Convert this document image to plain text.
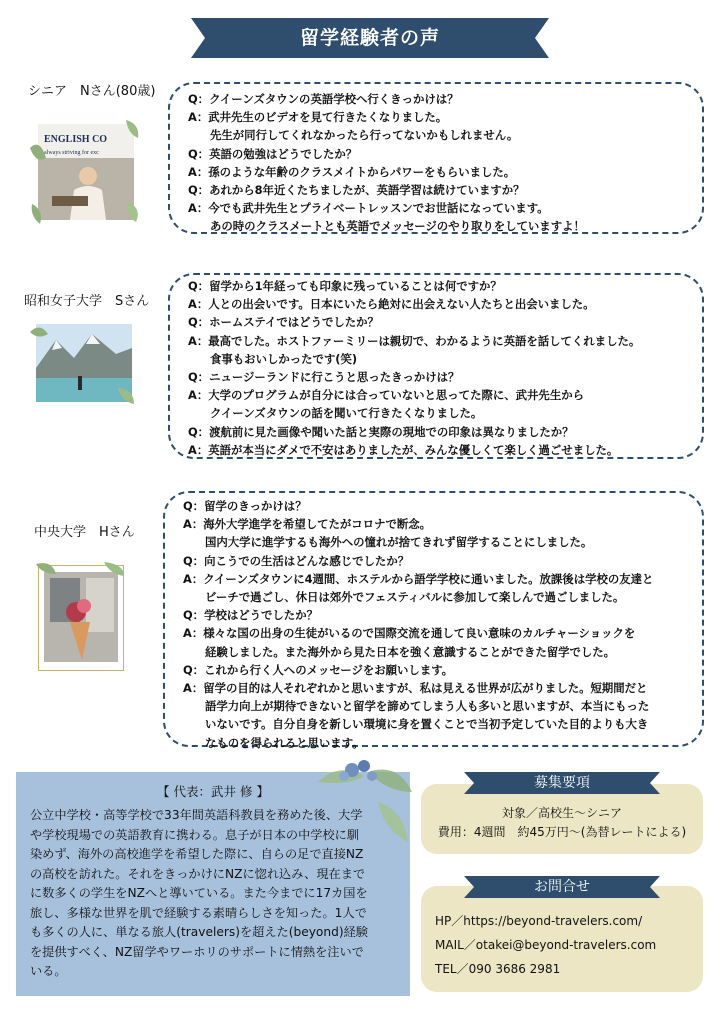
留学経験者の声
シニア　Nさん(80歳)
ENGLISH CO
always striving for exc
Q：クイーンズタウンの英語学校へ行くきっかけは？
A：武井先生のビデオを見て行きたくなりました。
先生が同行してくれなかったら行ってないかもしれません。
Q：英語の勉強はどうでしたか？
A：孫のような年齢のクラスメイトからパワーをもらいました。
Q：あれから8年近くたちましたが、英語学習は続けていますか？
A：今でも武井先生とプライベートレッスンでお世話になっています。
あの時のクラスメートとも英語でメッセージのやり取りをしていますよ！
昭和女子大学　Sさん
Q：留学から1年経っても印象に残っていることは何ですか？
A：人との出会いです。日本にいたら絶対に出会えない人たちと出会いました。
Q：ホームステイではどうでしたか？
A：最高でした。ホストファーミリーは親切で、わかるように英語を話してくれました。
食事もおいしかったです(笑)
Q：ニュージーランドに行こうと思ったきっかけは？
A：大学のプログラムが自分には合っていないと思ってた際に、武井先生から
クイーンズタウンの話を聞いて行きたくなりました。
Q：渡航前に見た画像や聞いた話と実際の現地での印象は異なりましたか？
A：英語が本当にダメで不安はありましたが、みんな優しくて楽しく過ごせました。
中央大学　Hさん
Q：留学のきっかけは？
A：海外大学進学を希望してたがコロナで断念。
国内大学に進学するも海外への憧れが捨てきれず留学することにしました。
Q：向こうでの生活はどんな感じでしたか？
A：クイーンズタウンに4週間、ホステルから語学学校に通いました。放課後は学校の友達と
ビーチで過ごし、休日は郊外でフェスティバルに参加して楽しんで過ごしました。
Q：学校はどうでしたか？
A：様々な国の出身の生徒がいるので国際交流を通して良い意味のカルチャーショックを
経験しました。また海外から見た日本を強く意識することができた留学でした。
Q：これから行く人へのメッセージをお願いします。
A：留学の目的は人それぞれかと思いますが、私は見える世界が広がりました。短期間だと
語学力向上が期待できないと留学を諦めてしまう人も多いと思いますが、本当にもった
いないです。自分自身を新しい環境に身を置くことで当初予定していた目的よりも大き
なものを得られると思います。
【 代表：武井 修 】
公立中学校・高等学校で33年間英語科教員を務めた後、大学
や学校現場での英語教育に携わる。息子が日本の中学校に馴
染めず、海外の高校進学を希望した際に、自らの足で直接NZ
の高校を訪れた。それをきっかけにNZに惚れ込み、現在まで
に数多くの学生をNZへと導いている。また今までに17カ国を
旅し、多様な世界を肌で経験する素晴らしさを知った。1人で
も多くの人に、単なる旅人(travelers)を超えた(beyond)経験
を提供すべく、NZ留学やワーホリのサポートに情熱を注いで
いる。
対象／高校生～シニア
費用：4週間　約45万円～(為替レートによる)
募集要項
HP／https://beyond-travelers.com/
MAIL／otakei@beyond-travelers.com
TEL／090 3686 2981
お問合せ
